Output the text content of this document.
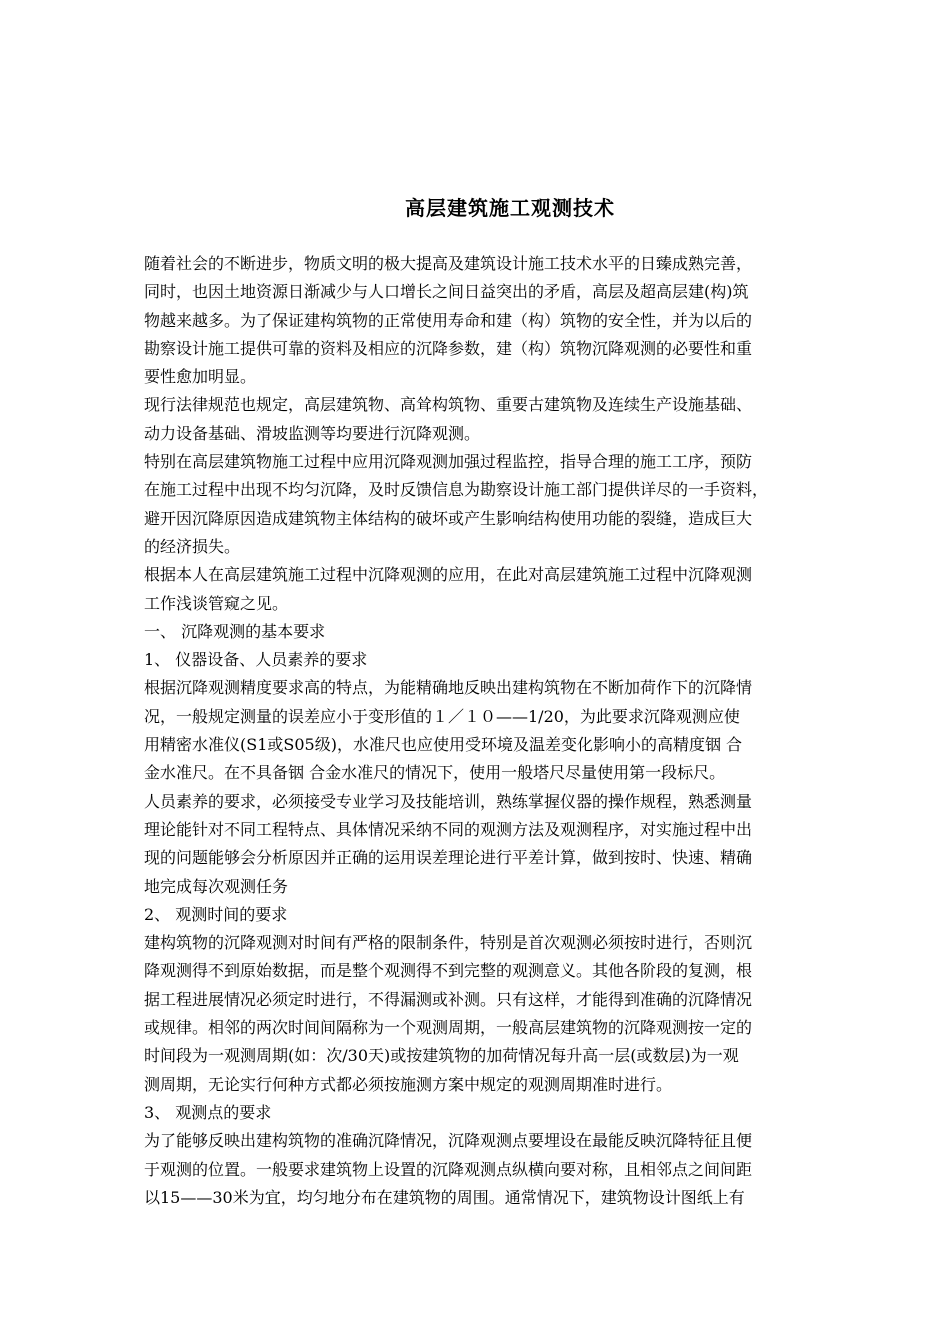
高层建筑施工观测技术
随着社会的不断进步，物质文明的极大提高及建筑设计施工技术水平的日臻成熟完善，
同时，也因土地资源日渐减少与人口增长之间日益突出的矛盾，高层及超高层建(构)筑
物越来越多。为了保证建构筑物的正常使用寿命和建（构）筑物的安全性，并为以后的
勘察设计施工提供可靠的资料及相应的沉降参数，建（构）筑物沉降观测的必要性和重
要性愈加明显。
现行法律规范也规定，高层建筑物、高耸构筑物、重要古建筑物及连续生产设施基础、
动力设备基础、滑坡监测等均要进行沉降观测。
特别在高层建筑物施工过程中应用沉降观测加强过程监控，指导合理的施工工序，预防
在施工过程中出现不均匀沉降，及时反馈信息为勘察设计施工部门提供详尽的一手资料，
避开因沉降原因造成建筑物主体结构的破坏或产生影响结构使用功能的裂缝，造成巨大
的经济损失。
根据本人在高层建筑施工过程中沉降观测的应用，在此对高层建筑施工过程中沉降观测
工作浅谈管窥之见。
一、 沉降观测的基本要求
1、 仪器设备、人员素养的要求
根据沉降观测精度要求高的特点，为能精确地反映出建构筑物在不断加荷作下的沉降情
况，一般规定测量的误差应小于变形值的１／１０——1/20，为此要求沉降观测应使
用精密水准仪(S1或S05级)，水准尺也应使用受环境及温差变化影响小的高精度铟 合
金水准尺。在不具备铟 合金水准尺的情况下，使用一般塔尺尽量使用第一段标尺。
人员素养的要求，必须接受专业学习及技能培训，熟练掌握仪器的操作规程，熟悉测量
理论能针对不同工程特点、具体情况采纳不同的观测方法及观测程序，对实施过程中出
现的问题能够会分析原因并正确的运用误差理论进行平差计算，做到按时、快速、精确
地完成每次观测任务
2、 观测时间的要求
建构筑物的沉降观测对时间有严格的限制条件，特别是首次观测必须按时进行，否则沉
降观测得不到原始数据，而是整个观测得不到完整的观测意义。其他各阶段的复测，根
据工程进展情况必须定时进行，不得漏测或补测。只有这样，才能得到准确的沉降情况
或规律。相邻的两次时间间隔称为一个观测周期，一般高层建筑物的沉降观测按一定的
时间段为一观测周期(如：次/30天)或按建筑物的加荷情况每升高一层(或数层)为一观
测周期，无论实行何种方式都必须按施测方案中规定的观测周期准时进行。
3、 观测点的要求
为了能够反映出建构筑物的准确沉降情况，沉降观测点要埋设在最能反映沉降特征且便
于观测的位置。一般要求建筑物上设置的沉降观测点纵横向要对称，且相邻点之间间距
以15——30米为宜，均匀地分布在建筑物的周围。通常情况下，建筑物设计图纸上有
